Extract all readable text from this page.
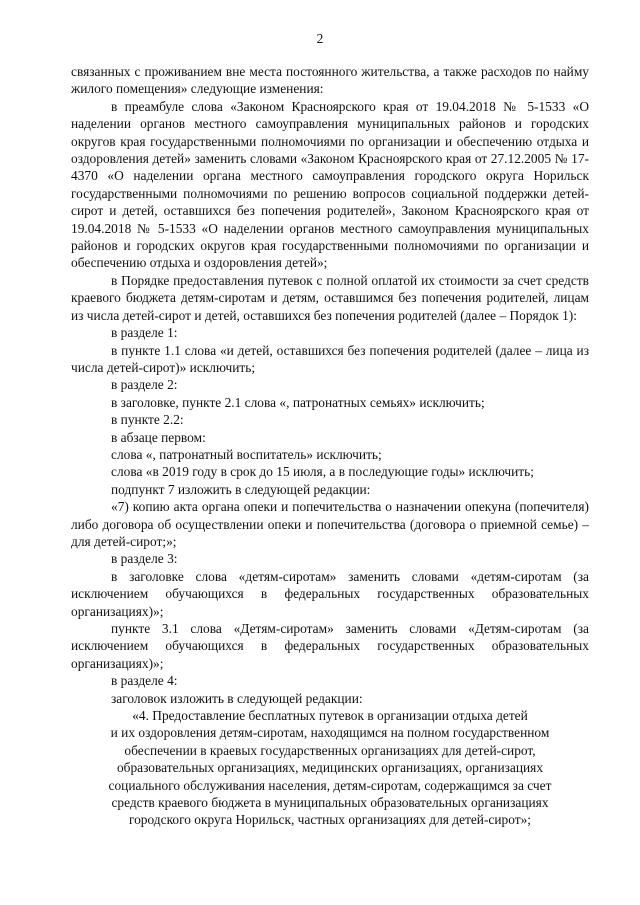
2

связанных с проживанием вне места постоянного жительства, а также расходов по найму жилого помещения» следующие изменения:

в преамбуле слова «Законом Красноярского края от 19.04.2018 № 5-1533 «О наделении органов местного самоуправления муниципальных районов и городских округов края государственными полномочиями по организации и обеспечению отдыха и оздоровления детей» заменить словами «Законом Красноярского края от 27.12.2005 № 17-4370 «О наделении органа местного самоуправления городского округа Норильск государственными полномочиями по решению вопросов социальной поддержки детей-сирот и детей, оставшихся без попечения родителей», Законом Красноярского края от 19.04.2018 № 5-1533 «О наделении органов местного самоуправления муниципальных районов и городских округов края государственными полномочиями по организации и обеспечению отдыха и оздоровления детей»;

в Порядке предоставления путевок с полной оплатой их стоимости за счет средств краевого бюджета детям-сиротам и детям, оставшимся без попечения родителей, лицам из числа детей-сирот и детей, оставшихся без попечения родителей (далее – Порядок 1):

в разделе 1:

в пункте 1.1 слова «и детей, оставшихся без попечения родителей (далее – лица из числа детей-сирот)» исключить;

в разделе 2:

в заголовке, пункте 2.1 слова «, патронатных семьях» исключить;

в пункте 2.2:

в абзаце первом:

слова «, патронатный воспитатель» исключить;

слова «в 2019 году в срок до 15 июля, а в последующие годы» исключить;

подпункт 7 изложить в следующей редакции:

«7) копию акта органа опеки и попечительства о назначении опекуна (попечителя) либо договора об осуществлении опеки и попечительства (договора о приемной семье) – для детей-сирот;»;

в разделе 3:

в заголовке слова «детям-сиротам» заменить словами «детям-сиротам (за исключением обучающихся в федеральных государственных образовательных организациях)»;

пункте 3.1 слова «Детям-сиротам» заменить словами «Детям-сиротам (за исключением обучающихся в федеральных государственных образовательных организациях)»;

в разделе 4:

заголовок изложить в следующей редакции:

«4. Предоставление бесплатных путевок в организации отдыха детей

и их оздоровления детям-сиротам, находящимся на полном государственном

обеспечении в краевых государственных организациях для детей-сирот,

образовательных организациях, медицинских организациях, организациях

социального обслуживания населения, детям-сиротам, содержащимся за счет

средств краевого бюджета в муниципальных образовательных организациях

городского округа Норильск, частных организациях для детей-сирот»;
